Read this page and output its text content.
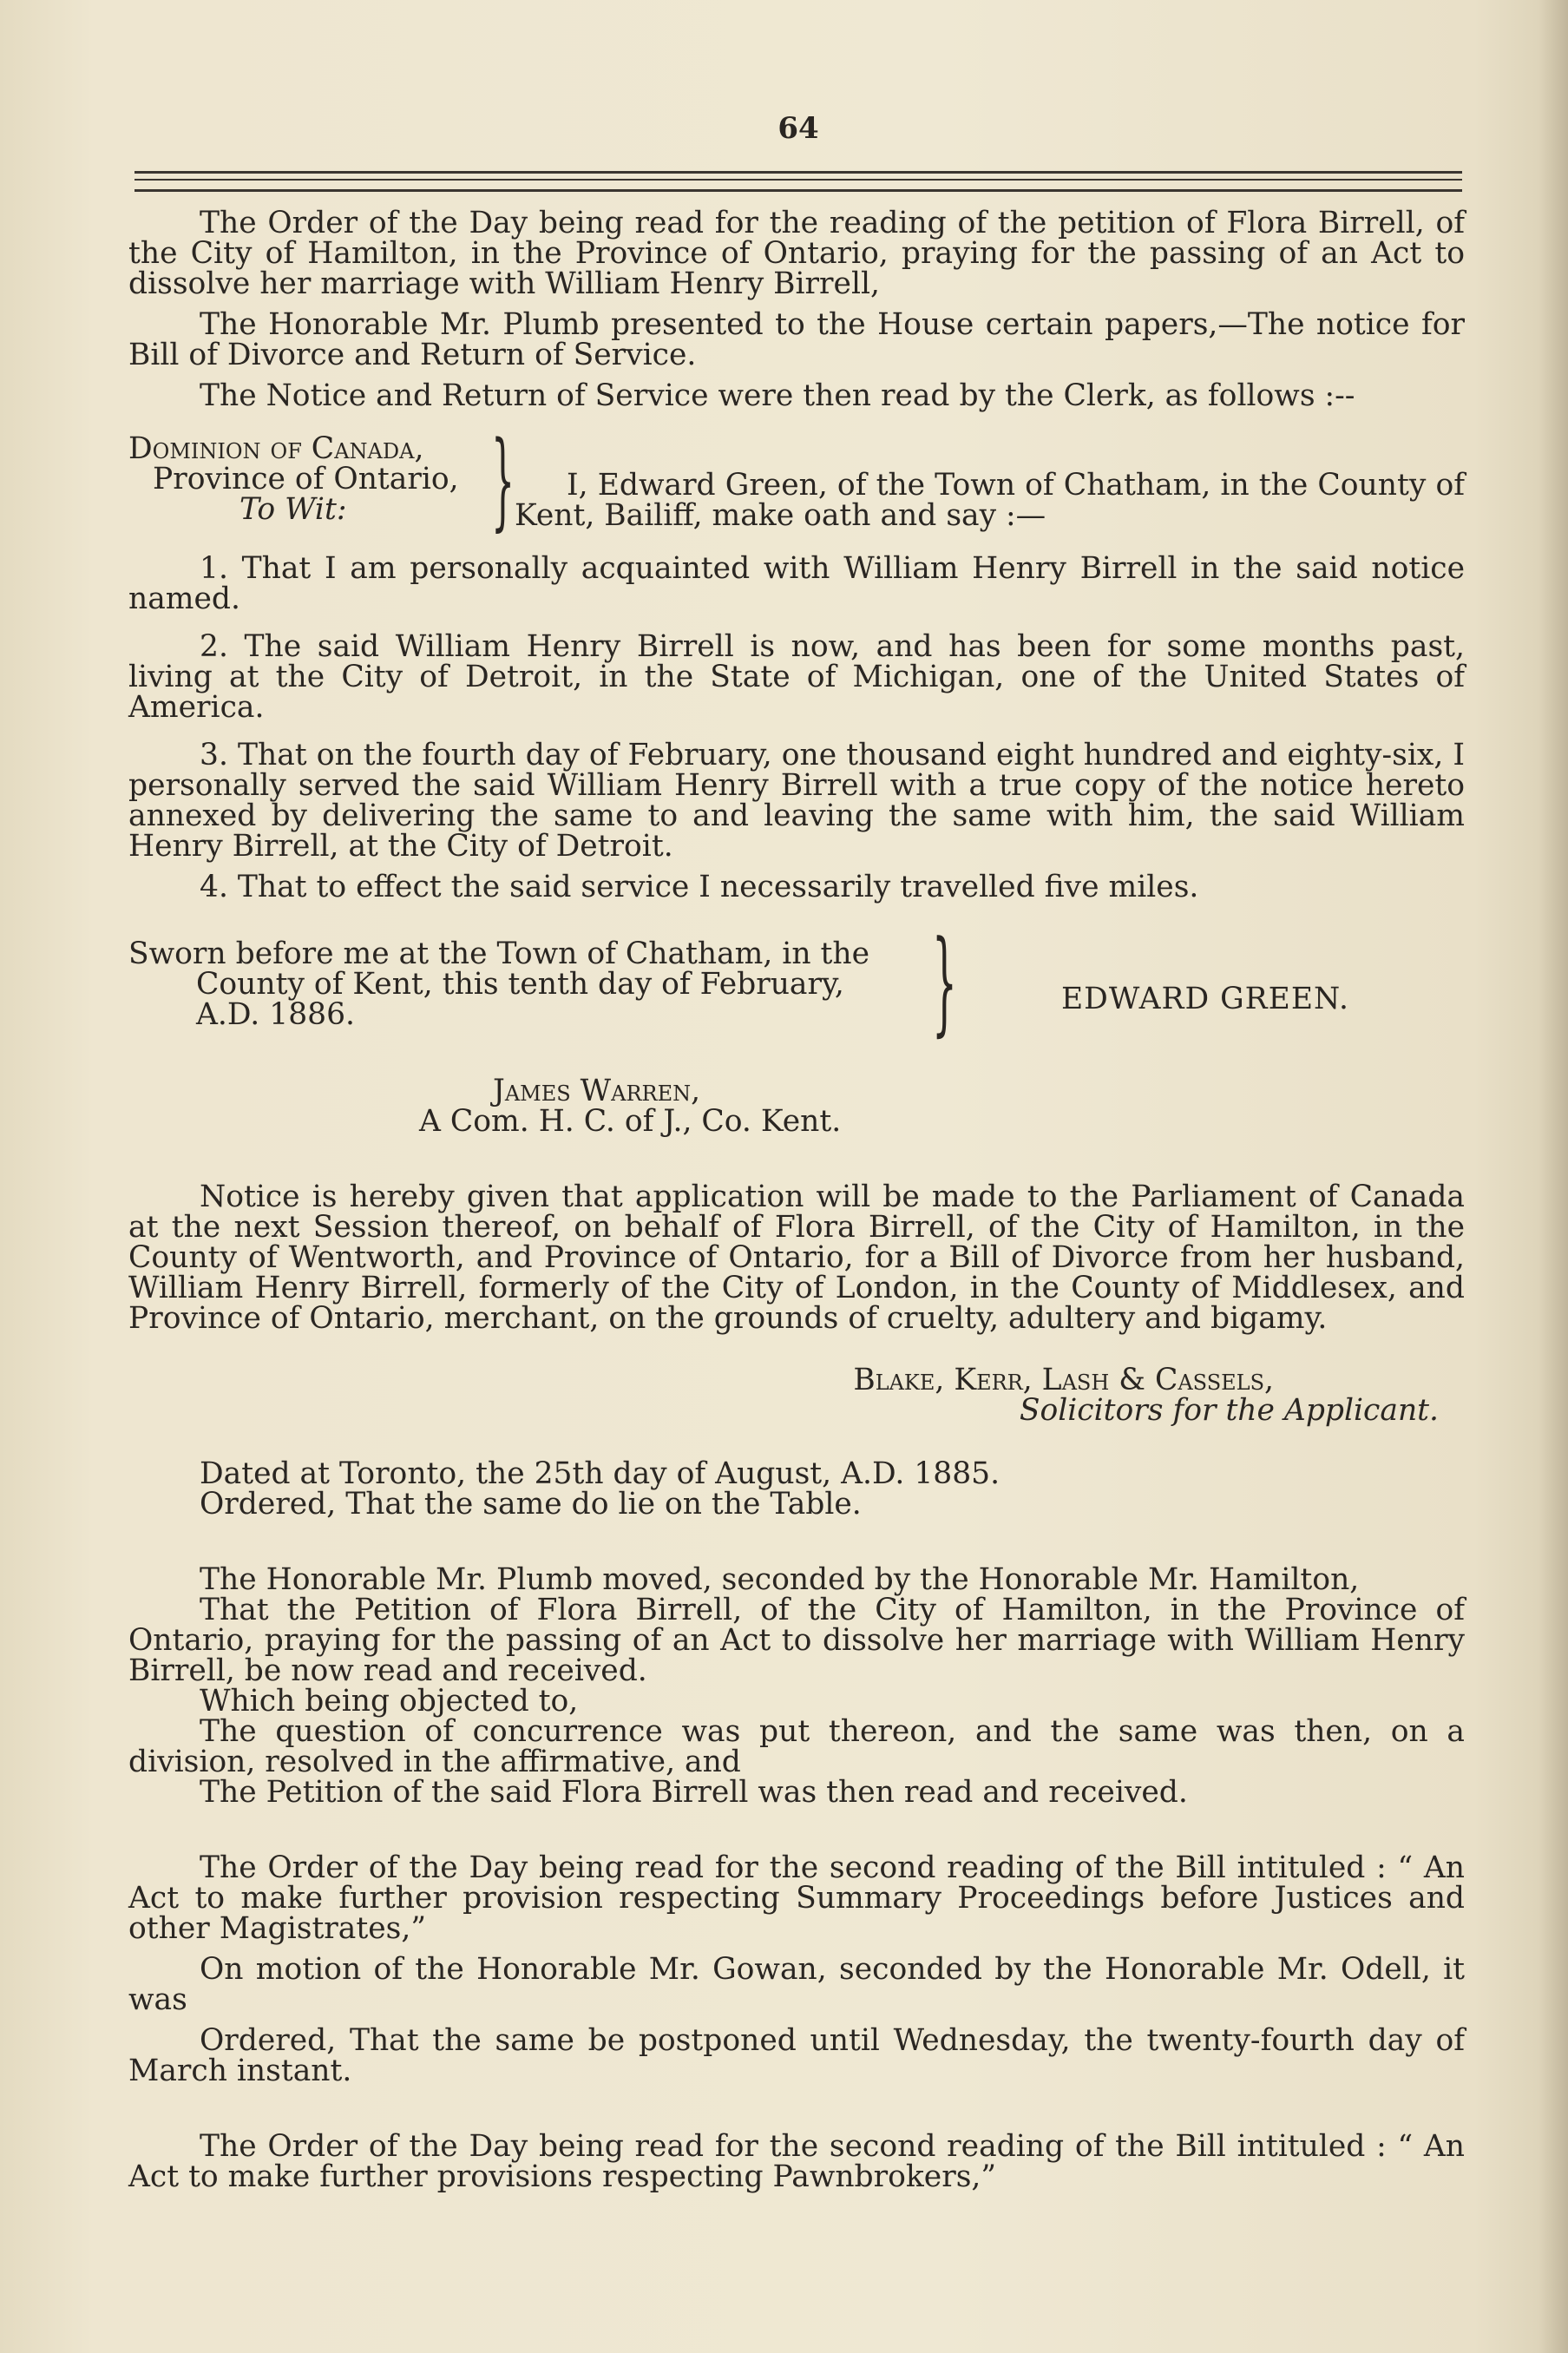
64

The Order of the Day being read for the reading of the petition of Flora Birrell, of the City of Hamilton, in the Province of Ontario, praying for the passing of an Act to dissolve her marriage with William Henry Birrell,

The Honorable Mr. Plumb presented to the House certain papers,—The notice for Bill of Divorce and Return of Service.

The Notice and Return of Service were then read by the Clerk, as follows :--

Dominion of Canada,
Province of Ontario,
To Wit:	}	I, Edward Green, of the Town of Chatham, in the County of Kent, Bailiff, make oath and say :—

1. That I am personally acquainted with William Henry Birrell in the said notice named.

2. The said William Henry Birrell is now, and has been for some months past, living at the City of Detroit, in the State of Michigan, one of the United States of America.

3. That on the fourth day of February, one thousand eight hundred and eighty-six, I personally served the said William Henry Birrell with a true copy of the notice hereto annexed by delivering the same to and leaving the same with him, the said William Henry Birrell, at the City of Detroit.

4. That to effect the said service I necessarily travelled five miles.

Sworn before me at the Town of Chatham, in the
County of Kent, this tenth day of February,
A.D. 1886.	}	EDWARD GREEN.

James Warren,

A Com. H. C. of J., Co. Kent.

Notice is hereby given that application will be made to the Parliament of Canada at the next Session thereof, on behalf of Flora Birrell, of the City of Hamilton, in the County of Wentworth, and Province of Ontario, for a Bill of Divorce from her husband, William Henry Birrell, formerly of the City of London, in the County of Middlesex, and Province of Ontario, merchant, on the grounds of cruelty, adultery and bigamy.

Blake, Kerr, Lash & Cassels,

Solicitors for the Applicant.

Dated at Toronto, the 25th day of August, A.D. 1885.

Ordered, That the same do lie on the Table.

The Honorable Mr. Plumb moved, seconded by the Honorable Mr. Hamilton,

That the Petition of Flora Birrell, of the City of Hamilton, in the Province of Ontario, praying for the passing of an Act to dissolve her marriage with William Henry Birrell, be now read and received.

Which being objected to,

The question of concurrence was put thereon, and the same was then, on a division, resolved in the affirmative, and

The Petition of the said Flora Birrell was then read and received.

The Order of the Day being read for the second reading of the Bill intituled : “ An Act to make further provision respecting Summary Proceedings before Justices and other Magistrates,”

On motion of the Honorable Mr. Gowan, seconded by the Honorable Mr. Odell, it was

Ordered, That the same be postponed until Wednesday, the twenty-fourth day of March instant.

The Order of the Day being read for the second reading of the Bill intituled : “ An Act to make further provisions respecting Pawnbrokers,”
